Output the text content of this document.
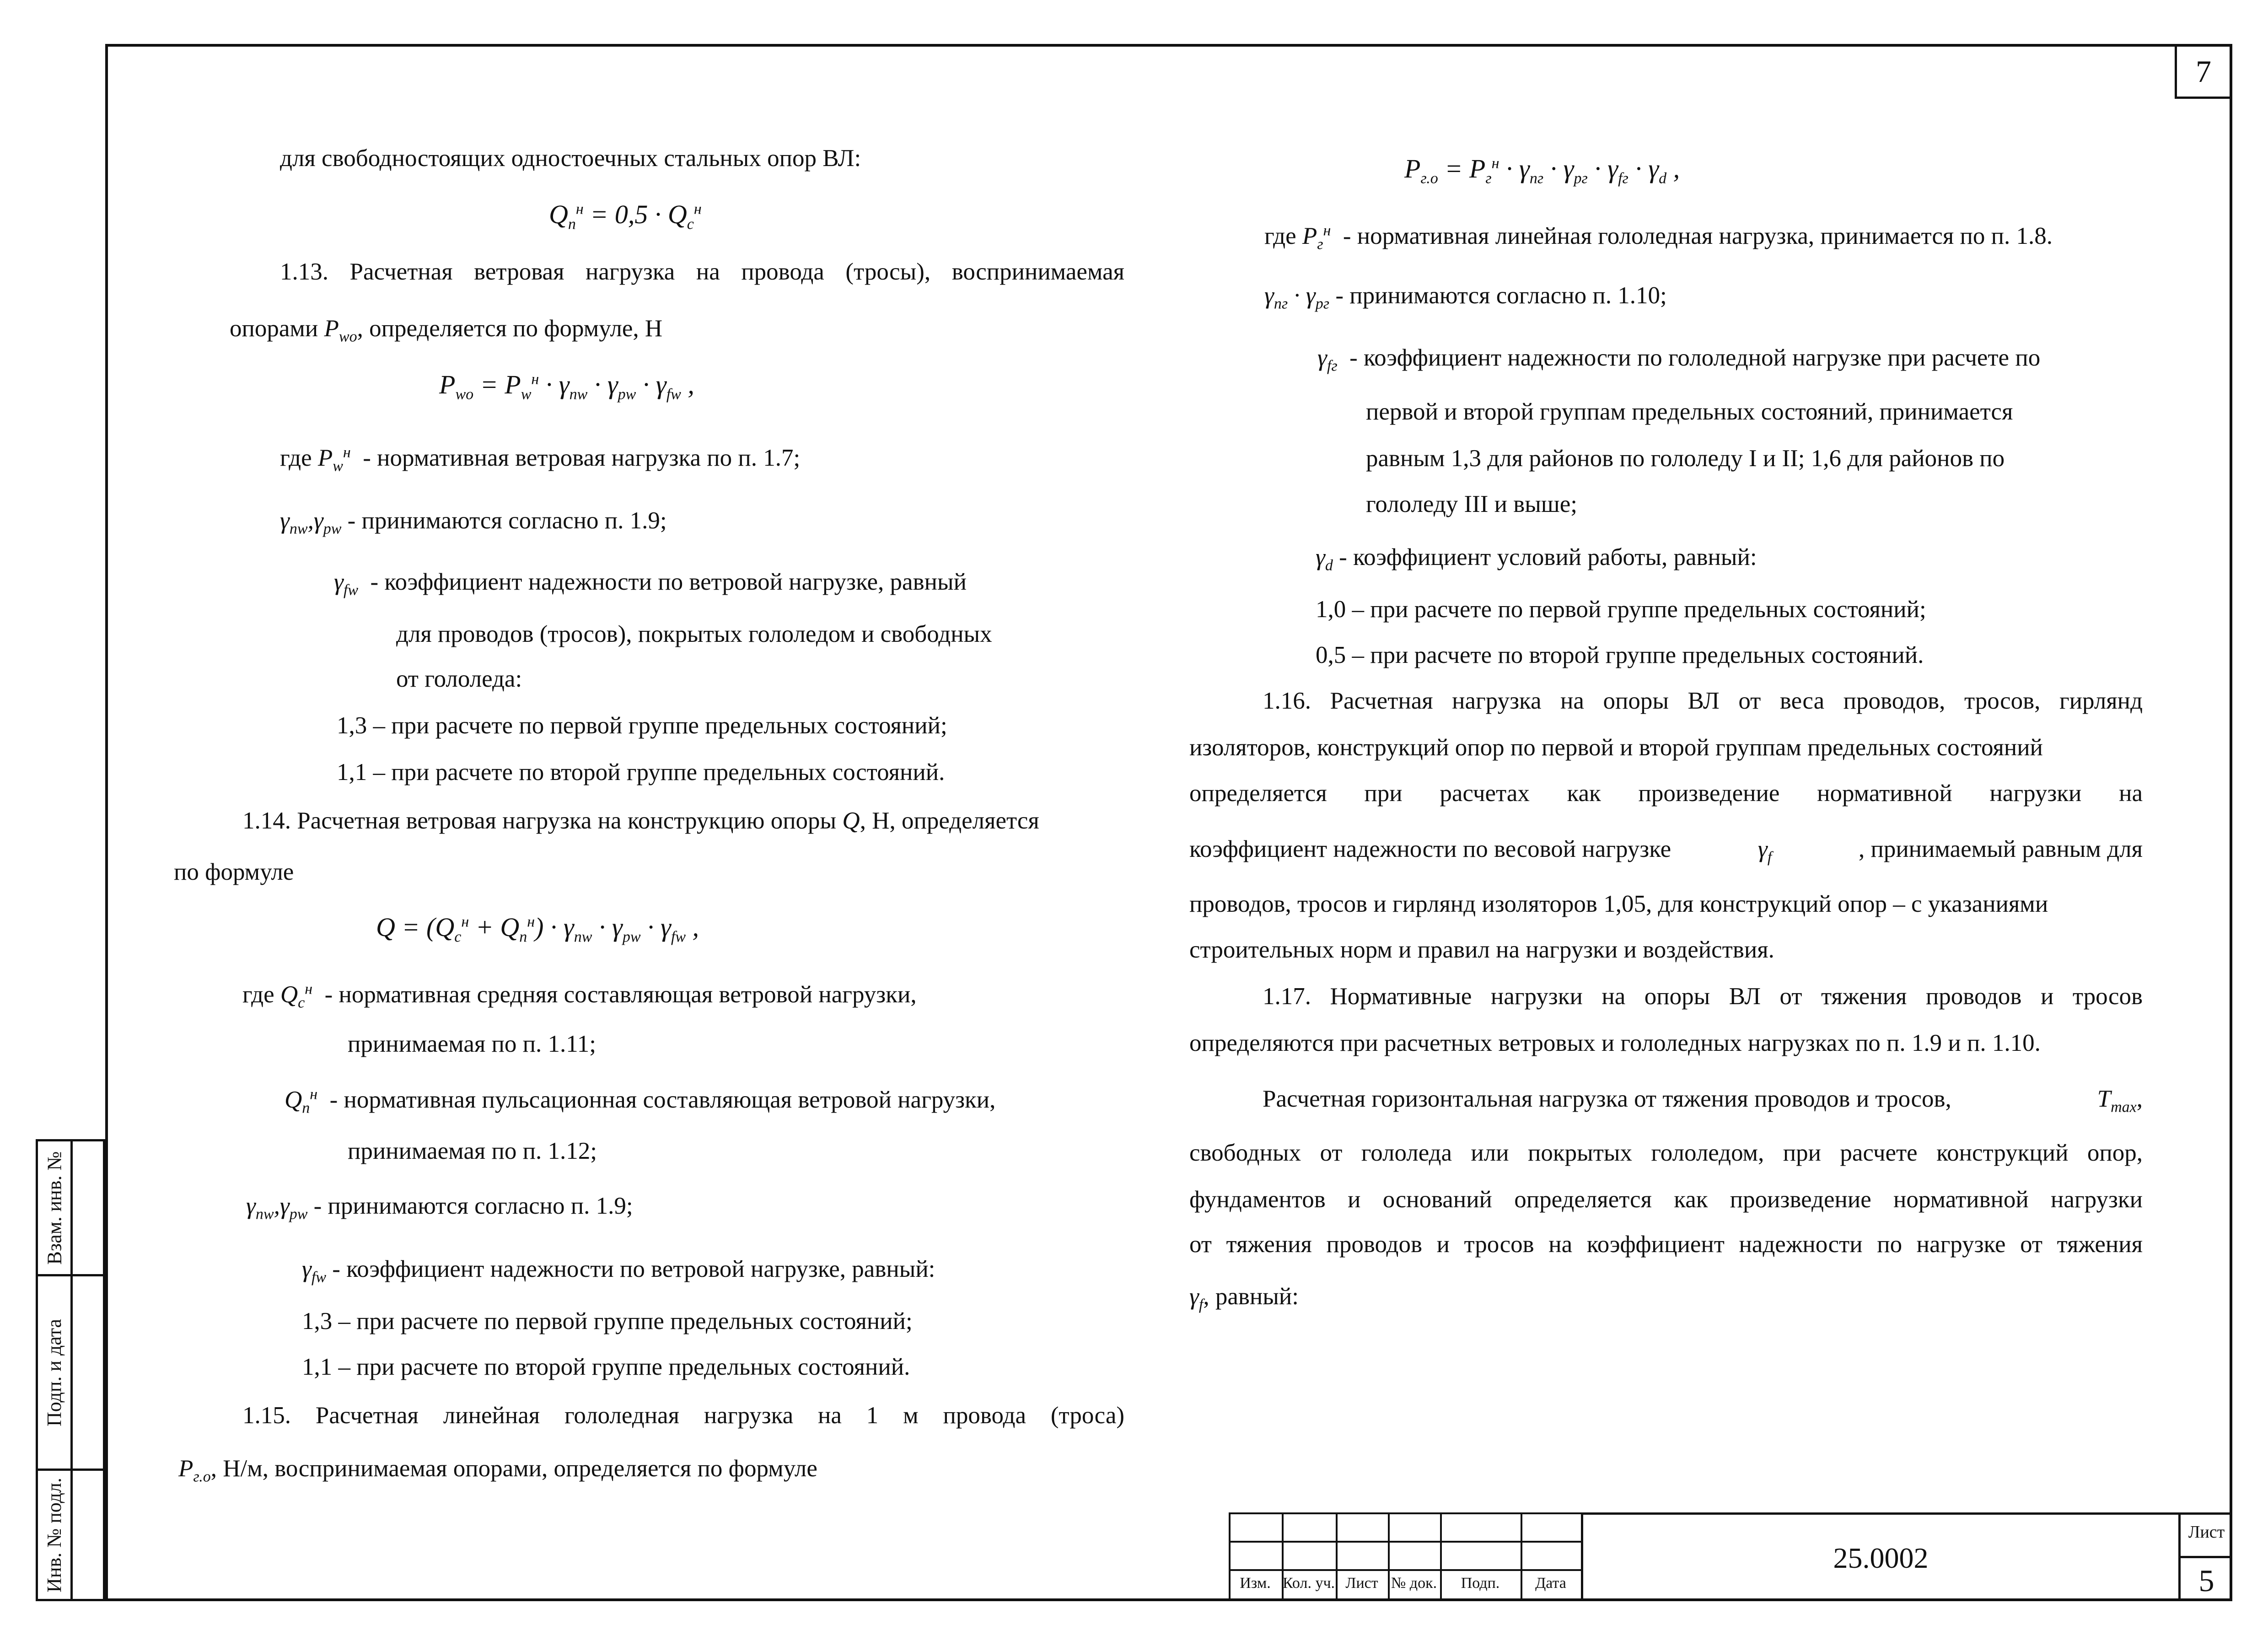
7
Взам. инв. №
Подп. и дата
Инв. № подл.
для свободностоящих одностоечных стальных опор ВЛ:
$Q_п^н = 0,5 \cdot Q_c^н$
1.13. Расчетная ветровая нагрузка на провода (тросы), воспринимаемая
опорами $P_{wo}$, определяется по формуле, Н
$P_{wo} = P_w^н \cdot \gamma_{nw} \cdot \gamma_{pw} \cdot \gamma_{fw}$ ,
где $P_w^н$ - нормативная ветровая нагрузка по п. 1.7;
$\gamma_{nw},\gamma_{pw}$ - принимаются согласно п. 1.9;
$\gamma_{fw}$ - коэффициент надежности по ветровой нагрузке, равный
для проводов (тросов), покрытых гололедом и свободных
от гололеда:
1,3 – при расчете по первой группе предельных состояний;
1,1 – при расчете по второй группе предельных состояний.
1.14. Расчетная ветровая нагрузка на конструкцию опоры Q, Н, определяется
по формуле
$Q = (Q_c^н + Q_п^н) \cdot \gamma_{nw} \cdot \gamma_{pw} \cdot \gamma_{fw}$ ,
где $Q_c^н$ - нормативная средняя составляющая ветровой нагрузки,
принимаемая по п. 1.11;
$Q_п^н$ - нормативная пульсационная составляющая ветровой нагрузки,
принимаемая по п. 1.12;
$\gamma_{nw},\gamma_{pw}$ - принимаются согласно п. 1.9;
$\gamma_{fw}$ - коэффициент надежности по ветровой нагрузке, равный:
1,3 – при расчете по первой группе предельных состояний;
1,1 – при расчете по второй группе предельных состояний.
1.15. Расчетная линейная гололедная нагрузка на 1 м провода (троса)
$P_{г.о}$, Н/м, воспринимаемая опорами, определяется по формуле
$P_{г.о} = P_г^н \cdot \gamma_{пг} \cdot \gamma_{pг} \cdot \gamma_{fг} \cdot \gamma_d$ ,
где $P_г^н$ - нормативная линейная гололедная нагрузка, принимается по п. 1.8.
$\gamma_{пг} \cdot \gamma_{pг}$ - принимаются согласно п. 1.10;
$\gamma_{fг}$ - коэффициент надежности по гололедной нагрузке при расчете по
первой и второй группам предельных состояний, принимается
равным 1,3 для районов по гололеду I и II; 1,6 для районов по
гололеду III и выше;
$\gamma_d$ - коэффициент условий работы, равный:
1,0 – при расчете по первой группе предельных состояний;
0,5 – при расчете по второй группе предельных состояний.
1.16. Расчетная нагрузка на опоры ВЛ от веса проводов, тросов, гирлянд
изоляторов, конструкций опор по первой и второй группам предельных состояний
определяется при расчетах как произведение нормативной нагрузки на
коэффициент надежности по весовой нагрузке	$\gamma_f$	, принимаемый равным для
проводов, тросов и гирлянд изоляторов 1,05, для конструкций опор – с указаниями
строительных норм и правил на нагрузки и воздействия.
1.17. Нормативные нагрузки на опоры ВЛ от тяжения проводов и тросов
определяются при расчетных ветровых и гололедных нагрузках по п. 1.9 и п. 1.10.
Расчетная горизонтальная нагрузка от тяжения проводов и тросов,	$T_{max}$,
свободных от гололеда или покрытых гололедом, при расчете конструкций опор,
фундаментов и оснований определяется как произведение нормативной нагрузки
от тяжения проводов и тросов на коэффициент надежности по нагрузке от тяжения
$\gamma_f$, равный:
Изм. Кол. уч. Лист № док.	Подп.	Дата
25.0002
Лист
5
